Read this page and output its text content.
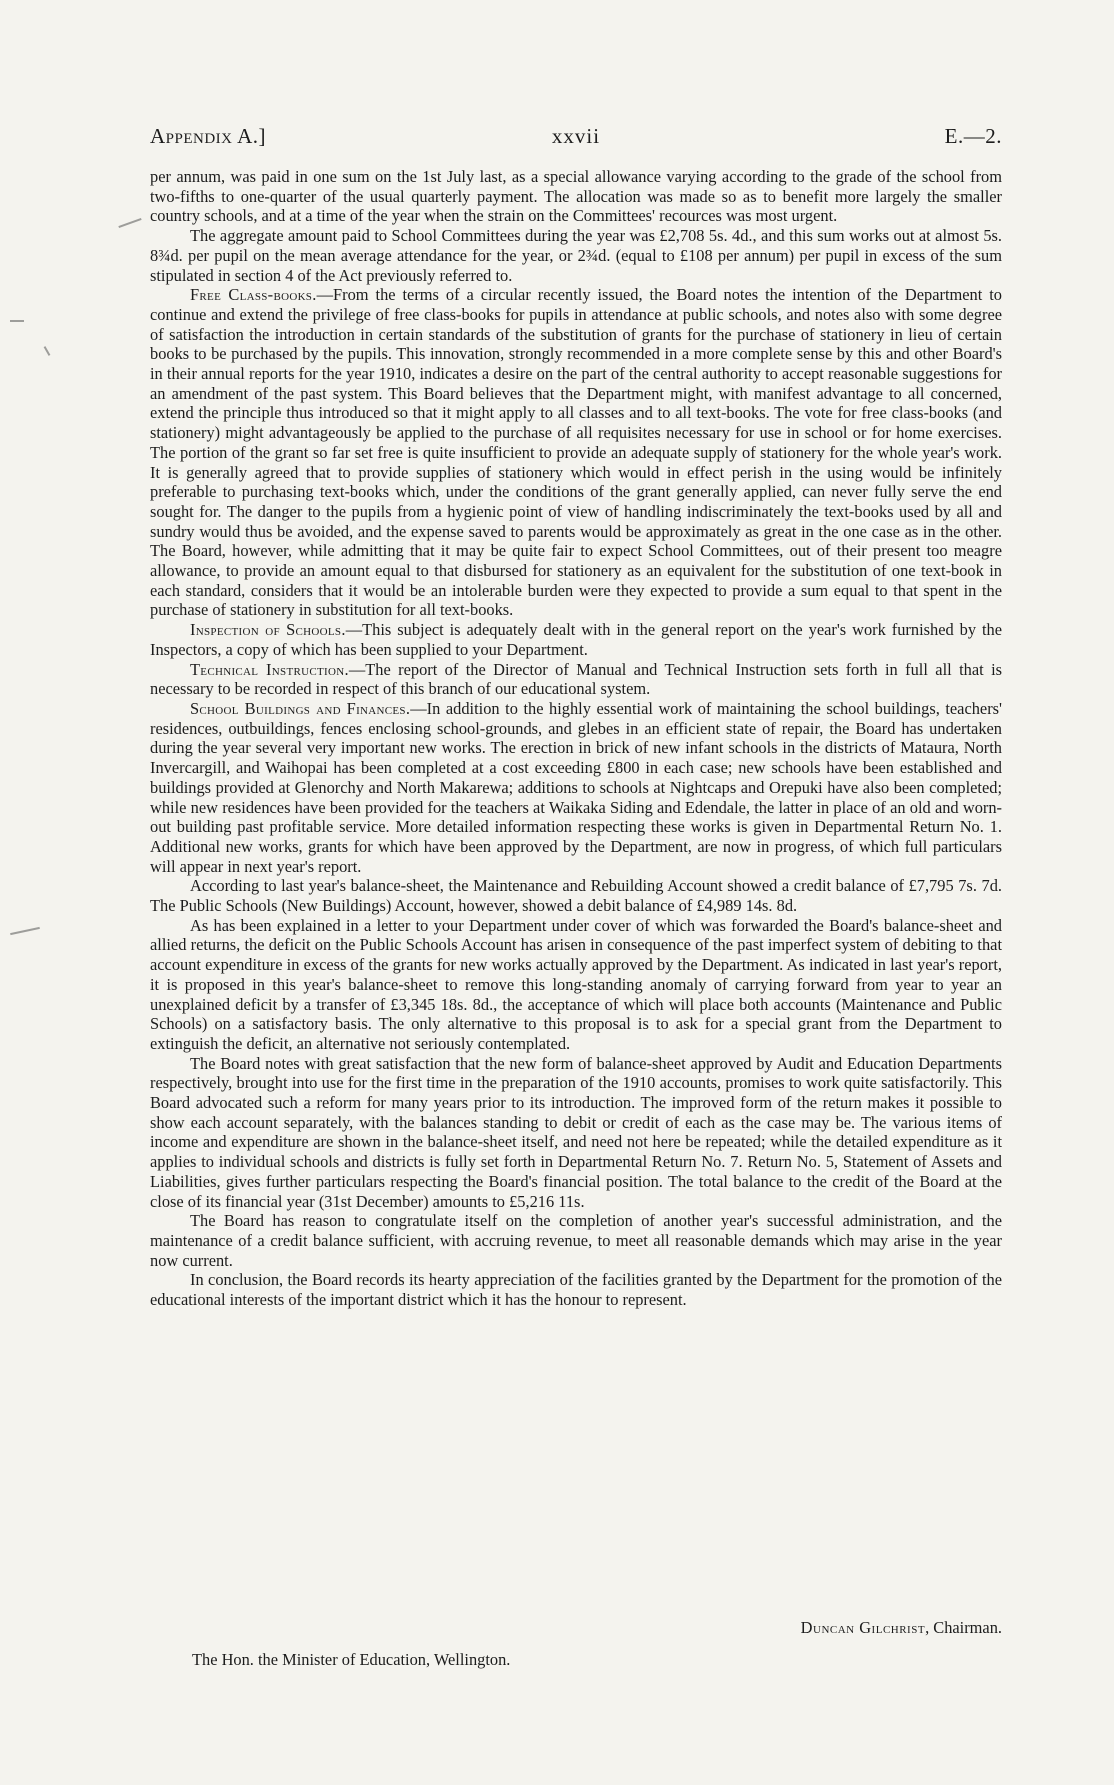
Appendix A.]	xxvii	E.—2.

per annum, was paid in one sum on the 1st July last, as a special allowance varying according to the grade of the school from two-fifths to one-quarter of the usual quarterly payment. The allocation was made so as to benefit more largely the smaller country schools, and at a time of the year when the strain on the Committees' recources was most urgent.

The aggregate amount paid to School Committees during the year was £2,708 5s. 4d., and this sum works out at almost 5s. 8¾d. per pupil on the mean average attendance for the year, or 2¾d. (equal to £108 per annum) per pupil in excess of the sum stipulated in section 4 of the Act previously referred to.

Free Class-books.—From the terms of a circular recently issued, the Board notes the intention of the Department to continue and extend the privilege of free class-books for pupils in attendance at public schools, and notes also with some degree of satisfaction the introduction in certain standards of the substitution of grants for the purchase of stationery in lieu of certain books to be purchased by the pupils. This innovation, strongly recommended in a more complete sense by this and other Board's in their annual reports for the year 1910, indicates a desire on the part of the central authority to accept reasonable suggestions for an amendment of the past system. This Board believes that the Department might, with manifest advantage to all concerned, extend the principle thus introduced so that it might apply to all classes and to all text-books. The vote for free class-books (and stationery) might advantageously be applied to the purchase of all requisites necessary for use in school or for home exercises. The portion of the grant so far set free is quite insufficient to provide an adequate supply of stationery for the whole year's work. It is generally agreed that to provide supplies of stationery which would in effect perish in the using would be infinitely preferable to purchasing text-books which, under the conditions of the grant generally applied, can never fully serve the end sought for. The danger to the pupils from a hygienic point of view of handling indiscriminately the text-books used by all and sundry would thus be avoided, and the expense saved to parents would be approximately as great in the one case as in the other. The Board, however, while admitting that it may be quite fair to expect School Committees, out of their present too meagre allowance, to provide an amount equal to that disbursed for stationery as an equivalent for the substitution of one text-book in each standard, considers that it would be an intolerable burden were they expected to provide a sum equal to that spent in the purchase of stationery in substitution for all text-books.

Inspection of Schools.—This subject is adequately dealt with in the general report on the year's work furnished by the Inspectors, a copy of which has been supplied to your Department.

Technical Instruction.—The report of the Director of Manual and Technical Instruction sets forth in full all that is necessary to be recorded in respect of this branch of our educational system.

School Buildings and Finances.—In addition to the highly essential work of maintaining the school buildings, teachers' residences, outbuildings, fences enclosing school-grounds, and glebes in an efficient state of repair, the Board has undertaken during the year several very important new works. The erection in brick of new infant schools in the districts of Mataura, North Invercargill, and Waihopai has been completed at a cost exceeding £800 in each case; new schools have been established and buildings provided at Glenorchy and North Makarewa; additions to schools at Nightcaps and Orepuki have also been completed; while new residences have been provided for the teachers at Waikaka Siding and Edendale, the latter in place of an old and worn-out building past profitable service. More detailed information respecting these works is given in Departmental Return No. 1. Additional new works, grants for which have been approved by the Department, are now in progress, of which full particulars will appear in next year's report.

According to last year's balance-sheet, the Maintenance and Rebuilding Account showed a credit balance of £7,795 7s. 7d. The Public Schools (New Buildings) Account, however, showed a debit balance of £4,989 14s. 8d.

As has been explained in a letter to your Department under cover of which was forwarded the Board's balance-sheet and allied returns, the deficit on the Public Schools Account has arisen in consequence of the past imperfect system of debiting to that account expenditure in excess of the grants for new works actually approved by the Department. As indicated in last year's report, it is proposed in this year's balance-sheet to remove this long-standing anomaly of carrying forward from year to year an unexplained deficit by a transfer of £3,345 18s. 8d., the acceptance of which will place both accounts (Maintenance and Public Schools) on a satisfactory basis. The only alternative to this proposal is to ask for a special grant from the Department to extinguish the deficit, an alternative not seriously contemplated.

The Board notes with great satisfaction that the new form of balance-sheet approved by Audit and Education Departments respectively, brought into use for the first time in the preparation of the 1910 accounts, promises to work quite satisfactorily. This Board advocated such a reform for many years prior to its introduction. The improved form of the return makes it possible to show each account separately, with the balances standing to debit or credit of each as the case may be. The various items of income and expenditure are shown in the balance-sheet itself, and need not here be repeated; while the detailed expenditure as it applies to individual schools and districts is fully set forth in Departmental Return No. 7. Return No. 5, Statement of Assets and Liabilities, gives further particulars respecting the Board's financial position. The total balance to the credit of the Board at the close of its financial year (31st December) amounts to £5,216 11s.

The Board has reason to congratulate itself on the completion of another year's successful administration, and the maintenance of a credit balance sufficient, with accruing revenue, to meet all reasonable demands which may arise in the year now current.

In conclusion, the Board records its hearty appreciation of the facilities granted by the Department for the promotion of the educational interests of the important district which it has the honour to represent.

Duncan Gilchrist, Chairman.
The Hon. the Minister of Education, Wellington.
